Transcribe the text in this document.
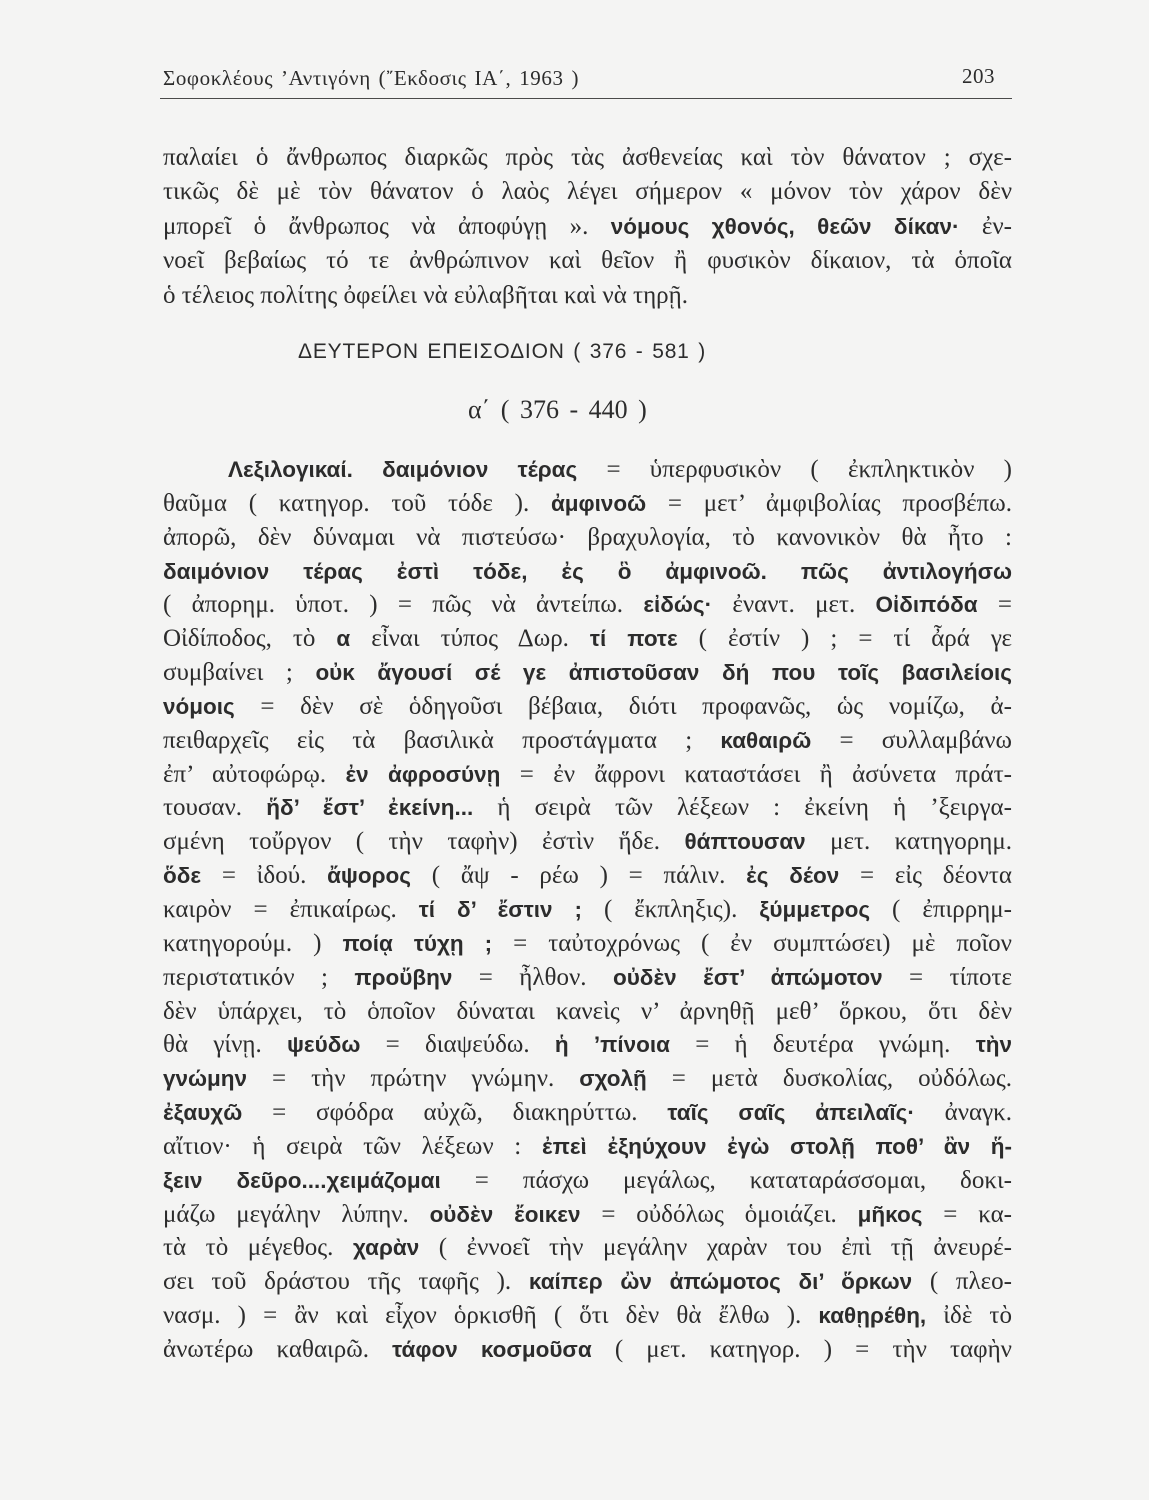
Σοφοκλέους ’Αντιγόνη (῎Εκδοσις ΙΑ΄, 1963 )	203
παλαίει ὁ ἄνθρωπος διαρκῶς πρὸς τὰς ἀσθενείας καὶ τὸν θάνατον ; σχε-
τικῶς δὲ μὲ τὸν θάνατον ὁ λαὸς λέγει σήμερον « μόνον τὸν χάρον δὲν
μπορεῖ ὁ ἄνθρωπος νὰ ἀποφύγῃ ». νόμους χθονός, θεῶν δίκαν· ἐν-
νοεῖ βεβαίως τό τε ἀνθρώπινον καὶ θεῖον ἢ φυσικὸν δίκαιον, τὰ ὁποῖα
ὁ τέλειος πολίτης ὀφείλει νὰ εὐλαβῆται καὶ νὰ τηρῇ.
ΔΕΥΤΕΡΟΝ ΕΠΕΙΣΟΔΙΟΝ ( 376 - 581 )
α΄ ( 376 - 440 )
Λεξιλογικαί. δαιμόνιον τέρας = ὑπερφυσικὸν ( ἐκπληκτικὸν )
θαῦμα ( κατηγορ. τοῦ τόδε ). ἀμφινοῶ = μετ’ ἀμφιβολίας προσβέπω.
ἀπορῶ, δὲν δύναμαι νὰ πιστεύσω· βραχυλογία, τὸ κανονικὸν θὰ ἦτο :
δαιμόνιον τέρας ἐστὶ τόδε, ἐς ὃ ἀμφινοῶ. πῶς ἀντιλογήσω
( ἀπορημ. ὑποτ. ) = πῶς νὰ ἀντείπω. εἰδώς· ἐναντ. μετ. Οἰδιπόδα =
Οἰδίποδος, τὸ α εἶναι τύπος Δωρ. τί ποτε ( ἐστίν ) ; = τί ἆρά γε
συμβαίνει ; οὐκ ἄγουσί σέ γε ἀπιστοῦσαν δή που τοῖς βασιλείοις
νόμοις = δὲν σὲ ὁδηγοῦσι βέβαια, διότι προφανῶς, ὡς νομίζω, ἀ-
πειθαρχεῖς εἰς τὰ βασιλικὰ προστάγματα ; καθαιρῶ = συλλαμβάνω
ἐπ’ αὐτοφώρῳ. ἐν ἀφροσύνῃ = ἐν ἄφρονι καταστάσει ἢ ἀσύνετα πράτ-
τουσαν. ἥδ’ ἔστ’ ἐκείνη... ἡ σειρὰ τῶν λέξεων : ἐκείνη ἡ ’ξειργα-
σμένη τοὔργον ( τὴν ταφὴν) ἐστὶν ἥδε. θάπτουσαν μετ. κατηγορημ.
ὅδε = ἰδού. ἄψορος ( ἄψ - ρέω ) = πάλιν. ἐς δέον = εἰς δέοντα
καιρὸν = ἐπικαίρως. τί δ’ ἔστιν ; ( ἔκπληξις). ξύμμετρος ( ἐπιρρημ-
κατηγορούμ. ) ποίᾳ τύχῃ ; = ταὐτοχρόνως ( ἐν συμπτώσει) μὲ ποῖον
περιστατικόν ; προὔβην = ἦλθον. οὐδὲν ἔστ’ ἀπώμοτον = τίποτε
δὲν ὑπάρχει, τὸ ὁποῖον δύναται κανεὶς ν’ ἀρνηθῇ μεθ’ ὅρκου, ὅτι δὲν
θὰ γίνῃ. ψεύδω = διαψεύδω. ἡ ’πίνοια = ἡ δευτέρα γνώμη. τὴν
γνώμην = τὴν πρώτην γνώμην. σχολῇ = μετὰ δυσκολίας, οὐδόλως.
ἐξαυχῶ = σφόδρα αὐχῶ, διακηρύττω. ταῖς σαῖς ἀπειλαῖς· ἀναγκ.
αἴτιον· ἡ σειρὰ τῶν λέξεων : ἐπεὶ ἐξηύχουν ἐγὼ στολῇ ποθ’ ἂν ἥ-
ξειν δεῦρο....χειμάζομαι = πάσχω μεγάλως, καταταράσσομαι, δοκι-
μάζω μεγάλην λύπην. οὐδὲν ἔοικεν = οὐδόλως ὁμοιάζει. μῆκος = κα-
τὰ τὸ μέγεθος. χαρὰν ( ἐννοεῖ τὴν μεγάλην χαρὰν του ἐπὶ τῇ ἀνευρέ-
σει τοῦ δράστου τῆς ταφῆς ). καίπερ ὢν ἀπώμοτος δι’ ὅρκων ( πλεο-
νασμ. ) = ἂν καὶ εἶχον ὁρκισθῆ ( ὅτι δὲν θὰ ἔλθω ). καθῃρέθη, ἰδὲ τὸ
ἀνωτέρω καθαιρῶ. τάφον κοσμοῦσα ( μετ. κατηγορ. ) = τὴν ταφὴν
